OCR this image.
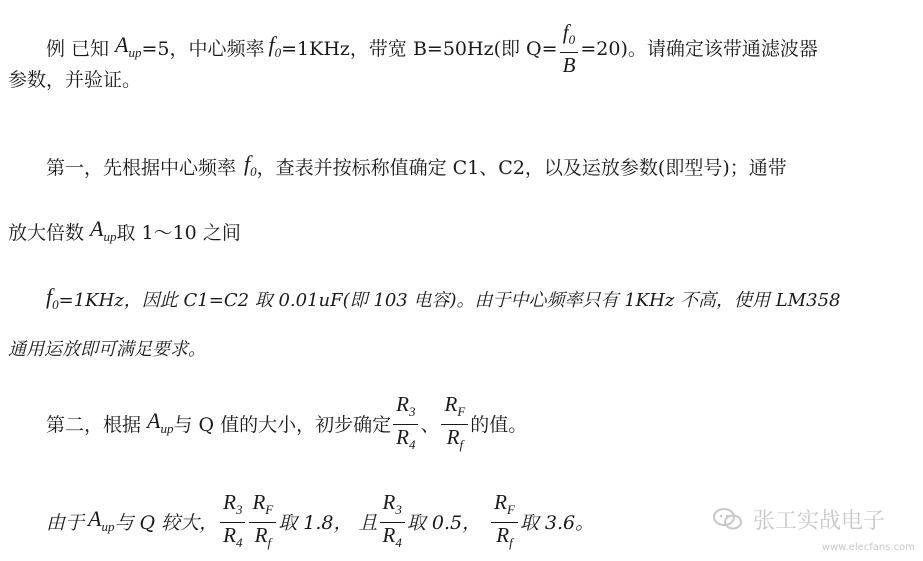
例 已知 $A_{up} =5$，中心频率 $f_0 =1KHz$，带宽 B=50Hz(即 $Q= \frac{f_0}{B} =20$)。请确定该带通滤波器
参数，并验证。
第一，先根据中心频率 $f_0$ ，查表并按标称值确定 C1、C2，以及运放参数(即型号)；通带
放大倍数 $A_{up}$ 取 1～10 之间
$f_0 =1KHz$，因此 C1=C2 取 0.01uF(即 103 电容)。由于中心频率只有 1KHz 不高，使用 LM358
通用运放即可满足要求。
第二，根据 $A_{up}$ 与 Q 值的大小，初步确定 $\frac{R_3}{R_4}$ 、 $\frac{R_F}{R_f}$ 的值。
由于 $A_{up}$ 与 Q 较大， $\frac{R_3}{R_4} \frac{R_F}{R_f}$ 取 1.8， 且 $\frac{R_3}{R_4}$ 取 0.5， $\frac{R_F}{R_f}$ 取 3.6。	张工实战电子
www.elecfans.com
